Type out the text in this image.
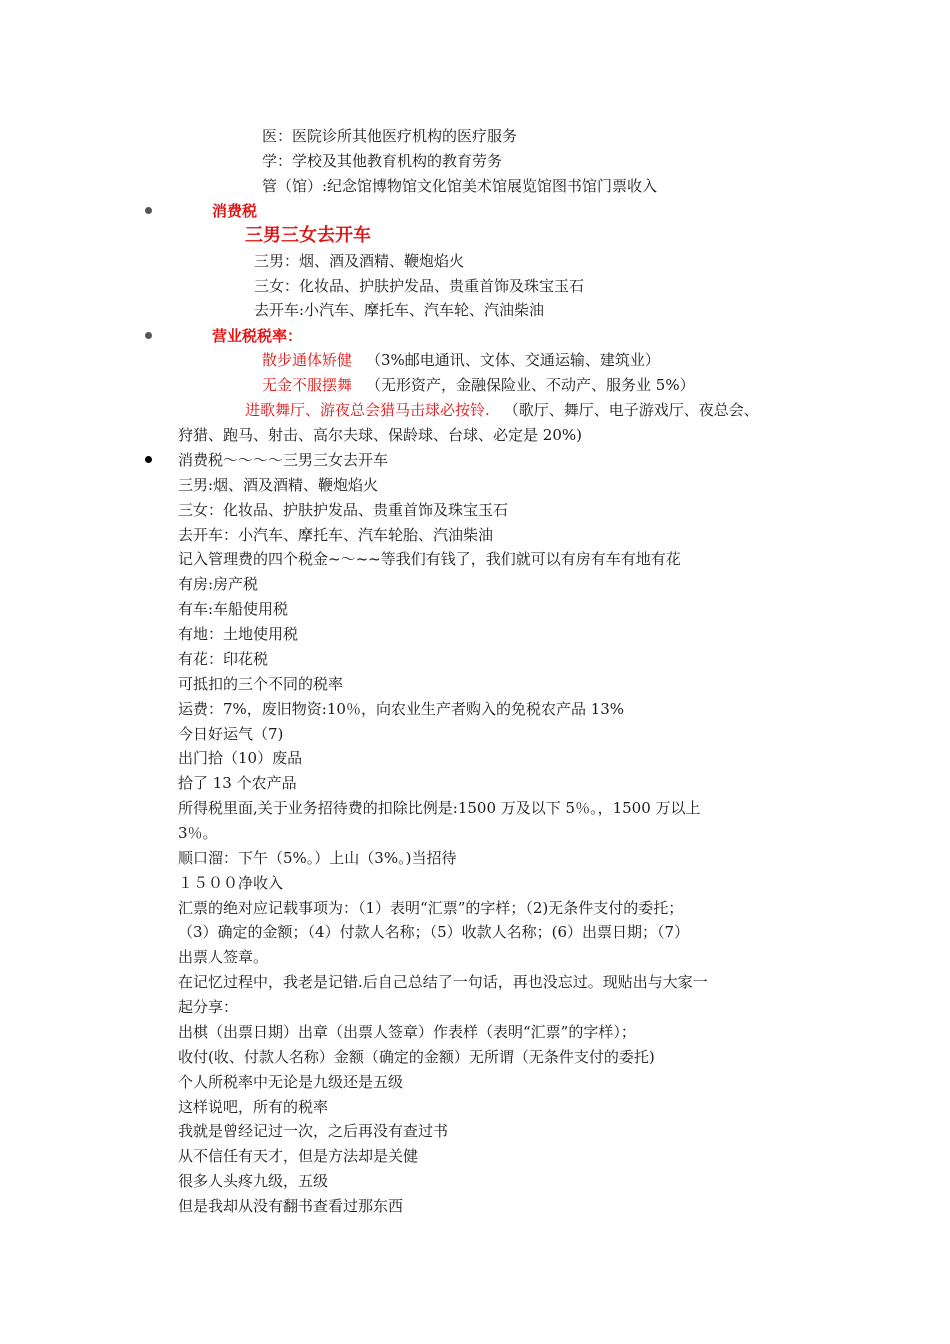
医：医院诊所其他医疗机构的医疗服务
学：学校及其他教育机构的教育劳务
管（馆）:纪念馆博物馆文化馆美术馆展览馆图书馆门票收入
消费税
三男三女去开车
三男：烟、酒及酒精、鞭炮焰火
三女：化妆品、护肤护发品、贵重首饰及珠宝玉石
去开车:小汽车、摩托车、汽车轮、汽油柴油
营业税税率：
散步通体矫健 （3%邮电通讯、文体、交通运输、建筑业）
无金不服摆舞 （无形资产，金融保险业、不动产、服务业 5%）
进歌舞厅、游夜总会猎马击球必按铃. （歌厅、舞厅、电子游戏厅、夜总会、
狩猎、跑马、射击、高尔夫球、保龄球、台球、必定是 20%)
消费税～～～～三男三女去开车
三男:烟、酒及酒精、鞭炮焰火
三女：化妆品、护肤护发品、贵重首饰及珠宝玉石
去开车：小汽车、摩托车、汽车轮胎、汽油柴油
记入管理费的四个税金~～~~等我们有钱了，我们就可以有房有车有地有花
有房:房产税
有车:车船使用税
有地：土地使用税
有花：印花税
可抵扣的三个不同的税率
运费：7%，废旧物资:10％，向农业生产者购入的免税农产品 13%
今日好运气（7)
出门拾（10）废品
拾了 13 个农产品
所得税里面,关于业务招待费的扣除比例是:1500 万及以下 5％。，1500 万以上
3％。
顺口溜：下午（5%。）上山（3%。)当招待
１５００净收入
汇票的绝对应记载事项为：（1）表明“汇票”的字样；（2)无条件支付的委托；
（3）确定的金额；（4）付款人名称；（5）收款人名称；(6）出票日期；（7）
出票人签章。
在记忆过程中，我老是记错.后自己总结了一句话，再也没忘过。现贴出与大家一
起分享：
出棋（出票日期）出章（出票人签章）作表样（表明“汇票”的字样）；
收付(收、付款人名称）金额（确定的金额）无所谓（无条件支付的委托)
个人所税率中无论是九级还是五级
这样说吧，所有的税率
我就是曾经记过一次，之后再没有查过书
从不信任有天才，但是方法却是关健
很多人头疼九级，五级
但是我却从没有翻书查看过那东西
